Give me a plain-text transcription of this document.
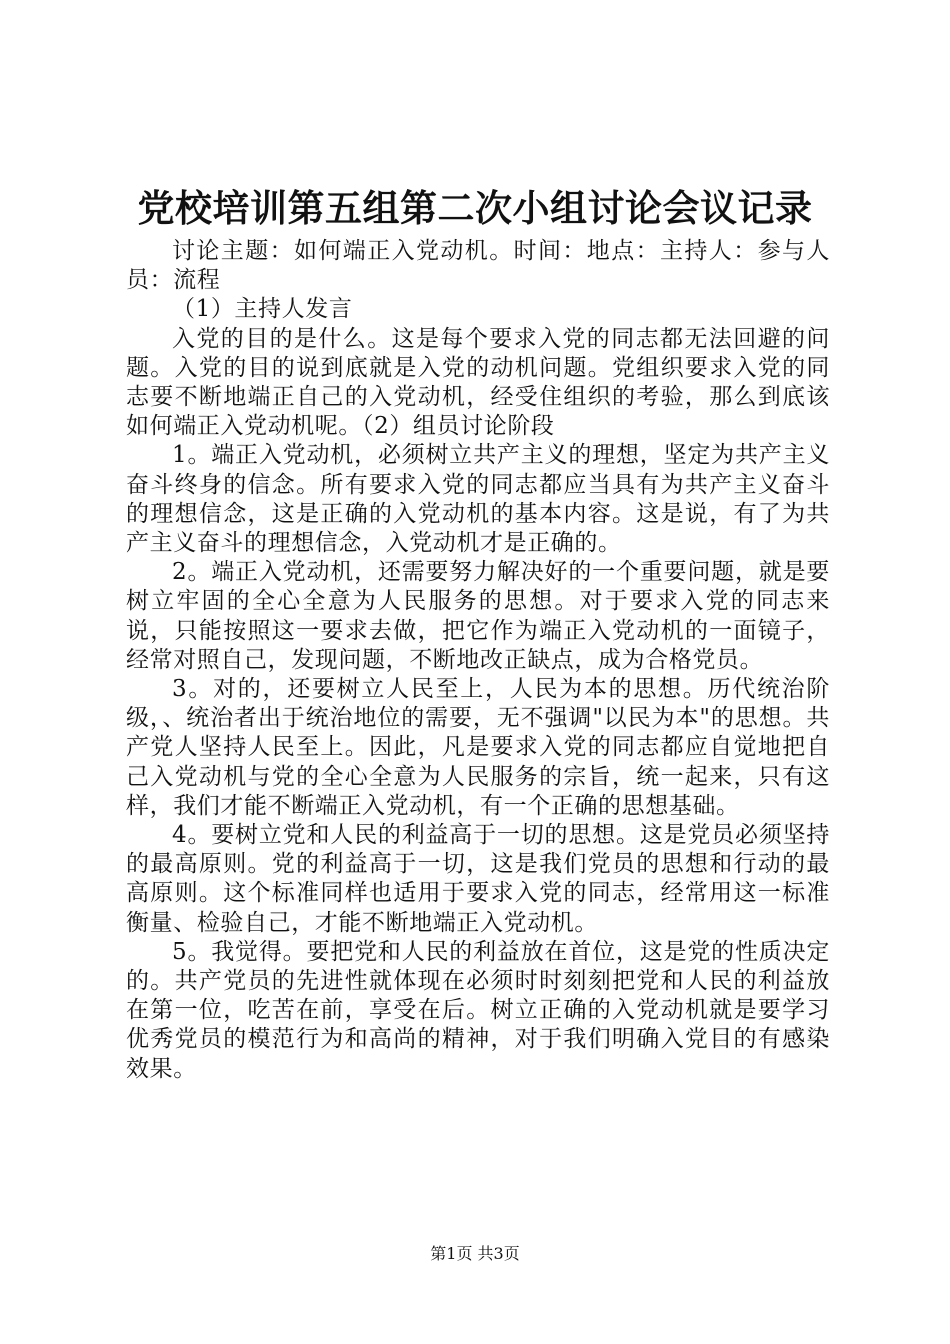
党校培训第五组第二次小组讨论会议记录

讨论主题：如何端正入党动机。时间：地点：主持人：参与人员：流程

（1）主持人发言

入党的目的是什么。这是每个要求入党的同志都无法回避的问题。入党的目的说到底就是入党的动机问题。党组织要求入党的同志要不断地端正自己的入党动机，经受住组织的考验，那么到底该如何端正入党动机呢。（2）组员讨论阶段

1。端正入党动机，必须树立共产主义的理想，坚定为共产主义奋斗终身的信念。所有要求入党的同志都应当具有为共产主义奋斗的理想信念，这是正确的入党动机的基本内容。这是说，有了为共产主义奋斗的理想信念，入党动机才是正确的。

2。端正入党动机，还需要努力解决好的一个重要问题，就是要树立牢固的全心全意为人民服务的思想。对于要求入党的同志来说，只能按照这一要求去做，把它作为端正入党动机的一面镜子，经常对照自己，发现问题，不断地改正缺点，成为合格党员。

3。对的，还要树立人民至上，人民为本的思想。历代统治阶级，、统治者出于统治地位的需要，无不强调"以民为本"的思想。共产党人坚持人民至上。因此，凡是要求入党的同志都应自觉地把自己入党动机与党的全心全意为人民服务的宗旨，统一起来，只有这样，我们才能不断端正入党动机，有一个正确的思想基础。

4。要树立党和人民的利益高于一切的思想。这是党员必须坚持的最高原则。党的利益高于一切，这是我们党员的思想和行动的最高原则。这个标准同样也适用于要求入党的同志，经常用这一标准衡量、检验自己，才能不断地端正入党动机。

5。我觉得。要把党和人民的利益放在首位，这是党的性质决定的。共产党员的先进性就体现在必须时时刻刻把党和人民的利益放在第一位，吃苦在前，享受在后。树立正确的入党动机就是要学习优秀党员的模范行为和高尚的精神，对于我们明确入党目的有感染效果。

第1页 共3页
